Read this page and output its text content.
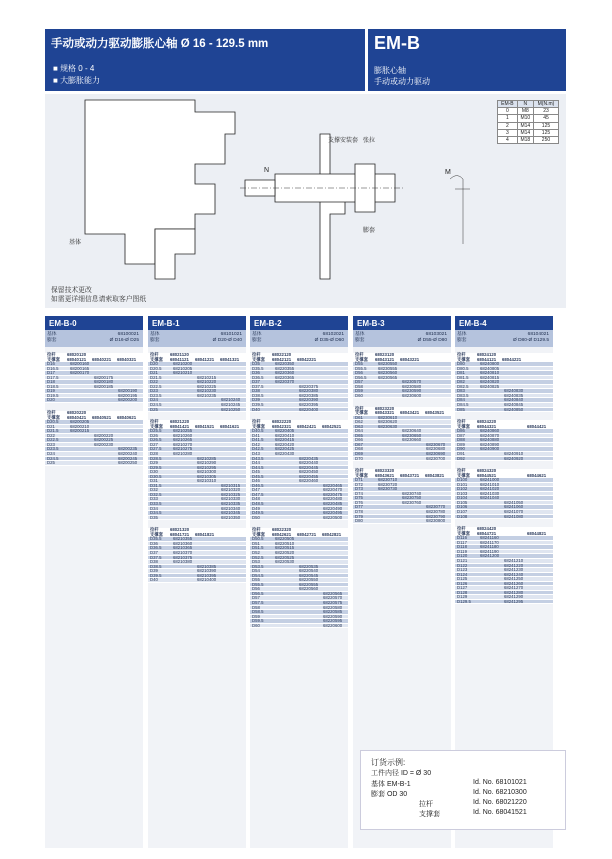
手动或动力驱动膨胀心轴 Ø 16 - 129.5 mm
■ 规格 0 - 4
■ 大膨胀能力
EM-B
膨胀心轴
手动或动力驱动
基体
支撑安装套 张拉
膨套
N	M
保留技术更改
如需更详细信息请索取客户图纸
EM-B	N	M(N.m)
0	M8	23
1	M10	45
2	M14	125
3	M14	125
4	M18	250
EM-B-0
基体	68100021
膨套	Ø D16-Ø D25
拉杆	68020120
支撑套 68040121 68040221 68040321
D16	68200160
D16.5	68200165
D17	68200170
D17.5	68200175
D18	68200180
D18.5	68200185
D19	68200190
D19.5	68200195
D20	68200200
拉杆	68020220
支撑套 68040421 68040521 68040621
D20.5	68200205
D21	68200210
D21.5	68200215
D22	68200220
D22.5	68200225
D23	68200230
D23.5	68200235
D24	68200240
D24.5	68200245
D25	68200250
EM-B-1
基体	68101021
膨套	Ø D20-Ø D40
拉杆	68021120
支撑套 68041121 68041221 68041321
D20	68210200
D20.5	68210205
D21	68210210
D21.5	68210215
D22	68210220
D22.5	68210225
D23	68210230
D23.5	68210235
D24	68210240
D24.5	68210245
D25	68210250
拉杆	68021220
支撑套 68041421 68041521 68041621
D25.5	68210255
D26	68210260
D26.5	68210265
D27	68210270
D27.5	68210275
D28	68210280
D28.5	68210285
D29	68210290
D29.5	68210295
D30	68210300
D30.5	68210305
D31	68210310
D31.5	68210315
D32	68210320
D32.5	68210325
D33	68210330
D33.5	68210335
D34	68210340
D34.5	68210345
D35	68210350
拉杆	68021320
支撑套 68041721 68041821
D35.5	68210355
D36	68210360
D36.5	68210365
D37	68210370
D37.5	68210375
D38	68210380
D38.5	68210385
D39	68210390
D39.5	68210395
D40	68210400
EM-B-2
基体	68102021
膨套	Ø D35-Ø D60
拉杆	68022120
支撑套 68042121 68042221
D35	68220350
D35.5	68220355
D36	68220360
D36.5	68220365
D37	68220370
D37.5	68220375
D38	68220380
D38.5	68220385
D39	68220390
D39.5	68220395
D40	68220400
拉杆	68022220
支撑套 68042321 68042421 68042521
D40.5	68220405
D41	68220410
D41.5	68220415
D42	68220420
D42.5	68220425
D43	68220430
D43.5	68220435
D44	68220440
D44.5	68220445
D45	68220450
D45.5	68220455
D46	68220460
D46.5	68220465
D47	68220470
D47.5	68220475
D48	68220480
D48.5	68220485
D49	68220490
D49.5	68220495
D50	68220500
拉杆	68022320
支撑套 68042621 68042721 68042821
D50.5	68220505
D51	68220510
D51.5	68220515
D52	68220520
D52.5	68220525
D53	68220530
D53.5	68220535
D54	68220540
D54.5	68220545
D55	68220550
D55.5	68220555
D56	68220560
D56.5	68220565
D57	68220570
D57.5	68220575
D58	68220580
D58.5	68220585
D59	68220590
D59.5	68220595
D60	68220600
EM-B-3
基体	68103021
膨套	Ø D55-Ø D80
拉杆	68023120
支撑套 68043121 68043221
D55	68230550
D55.5	68230555
D56	68230560
D56.5	68230565
D57	68230570
D58	68230580
D59	68230590
D60	68230600
拉杆	68023220
支撑套 68043321 68043421 68043521
D61	68230610
D62	68230620
D63	68230630
D64	68230640
D65	68230650
D66	68230660
D67	68230670
D68	68230680
D69	68230690
D70	68230700
拉杆	68023320
支撑套 68043621 68043721 68043821
D71	68230710
D72	68230720
D73	68230730
D74	68230740
D75	68230750
D76	68230760
D77	68230770
D78	68230780
D79	68230790
D80	68230800
EM-B-4
基体	68104021
膨套	Ø D80-Ø D129.5
拉杆	68024120
支撑套 68044121 68044221
D80	68240800
D80.5	68240805
D81	68240810
D81.5	68240815
D82	68240820
D82.5	68240825
D83	68240830
D83.5	68240835
D84	68240840
D84.5	68240845
D85	68240850
拉杆	68024220
支撑套 68044321	68044421
D86	68240860
D87	68240870
D88	68240880
D89	68240890
D90	68240900
D91	68240910
D92	68240920
拉杆	68024320
支撑套 68044521	68044621
D100	68241000
D101	68241010
D102	68241020
D103	68241030
D104	68241040
D105	68241050
D106	68241060
D107	68241070
D108	68241080
拉杆	68024420
支撑套 68044721	68044821
D116	68241160
D117	68241170
D118	68241180
D119	68241190
D120	68241200
D121	68241210
D122	68241220
D123	68241230
D124	68241240
D125	68241250
D126	68241260
D127	68241270
D128	68241280
D129	68241290
D129.5	68241295
订货示例:
工件内径 ID = Ø 30
基体 EM-B-1	Id. No. 68101021
膨套 OD 30	Id. No. 68210300
拉杆	Id. No. 68021220
支撑套	Id. No. 68041521
